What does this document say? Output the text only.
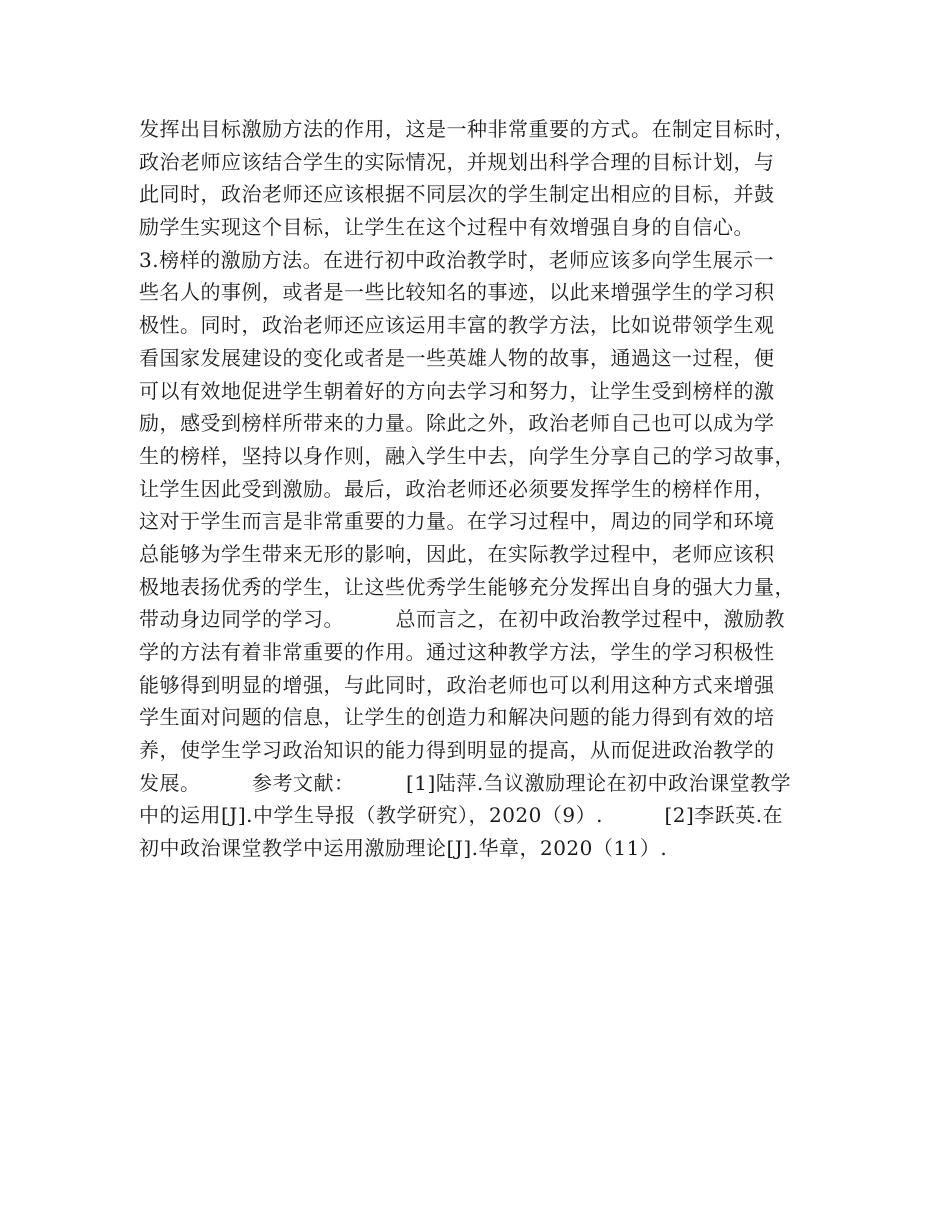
发挥出目标激励方法的作用，这是一种非常重要的方式。在制定目标时，
政治老师应该结合学生的实际情况，并规划出科学合理的目标计划，与
此同时，政治老师还应该根据不同层次的学生制定出相应的目标，并鼓
励学生实现这个目标，让学生在这个过程中有效增强自身的自信心。
3.榜样的激励方法。在进行初中政治教学时，老师应该多向学生展示一
些名人的事例，或者是一些比较知名的事迹，以此来增强学生的学习积
极性。同时，政治老师还应该运用丰富的教学方法，比如说带领学生观
看国家发展建设的变化或者是一些英雄人物的故事，通過这一过程，便
可以有效地促进学生朝着好的方向去学习和努力，让学生受到榜样的激
励，感受到榜样所带来的力量。除此之外，政治老师自己也可以成为学
生的榜样，坚持以身作则，融入学生中去，向学生分享自己的学习故事，
让学生因此受到激励。最后，政治老师还必须要发挥学生的榜样作用，
这对于学生而言是非常重要的力量。在学习过程中，周边的同学和环境
总能够为学生带来无形的影响，因此，在实际教学过程中，老师应该积
极地表扬优秀的学生，让这些优秀学生能够充分发挥出自身的强大力量，
带动身边同学的学习。　　　总而言之，在初中政治教学过程中，激励教
学的方法有着非常重要的作用。通过这种教学方法，学生的学习积极性
能够得到明显的增强，与此同时，政治老师也可以利用这种方式来增强
学生面对问题的信息，让学生的创造力和解决问题的能力得到有效的培
养，使学生学习政治知识的能力得到明显的提高，从而促进政治教学的
发展。　　　参考文献：　　　[1]陆萍.刍议激励理论在初中政治课堂教学
中的运用[J].中学生导报（教学研究），2020（9）.　　　[2]李跃英.在
初中政治课堂教学中运用激励理论[J].华章，2020（11）.
